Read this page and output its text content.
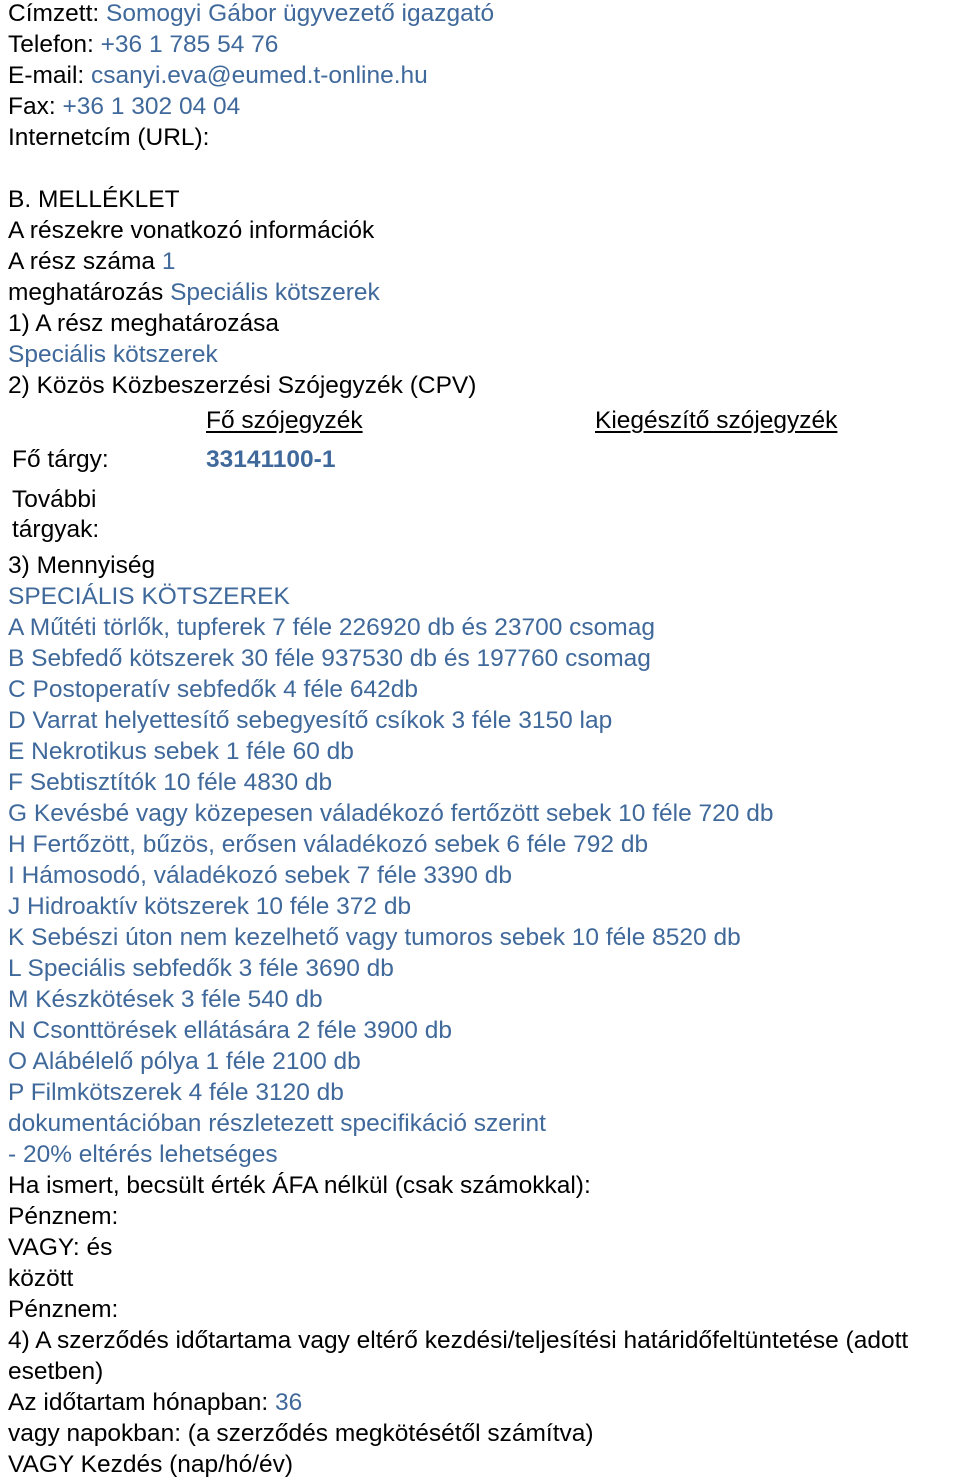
Címzett: Somogyi Gábor ügyvezető igazgató
Telefon: +36 1 785 54 76
E-mail: csanyi.eva@eumed.t-online.hu
Fax: +36 1 302 04 04
Internetcím (URL):
B. MELLÉKLET
A részekre vonatkozó információk
A rész száma 1
meghatározás Speciális kötszerek
1) A rész meghatározása
Speciális kötszerek
2) Közös Közbeszerzési Szójegyzék (CPV)
Fő szójegyzék	Kiegészítő szójegyzék
Fő tárgy:	33141100-1
További
tárgyak:
3) Mennyiség
SPECIÁLIS KÖTSZEREK
A Műtéti törlők, tupferek 7 féle 226920 db és 23700 csomag
B Sebfedő kötszerek 30 féle 937530 db és 197760 csomag
C Postoperatív sebfedők 4 féle 642db
D Varrat helyettesítő sebegyesítő csíkok 3 féle 3150 lap
E Nekrotikus sebek 1 féle 60 db
F Sebtisztítók 10 féle 4830 db
G Kevésbé vagy közepesen váladékozó fertőzött sebek 10 féle 720 db
H Fertőzött, bűzös, erősen váladékozó sebek 6 féle 792 db
I Hámosodó, váladékozó sebek 7 féle 3390 db
J Hidroaktív kötszerek 10 féle 372 db
K Sebészi úton nem kezelhető vagy tumoros sebek 10 féle 8520 db
L Speciális sebfedők 3 féle 3690 db
M Készkötések 3 féle 540 db
N Csonttörések ellátására 2 féle 3900 db
O Alábélelő pólya 1 féle 2100 db
P Filmkötszerek 4 féle 3120 db
dokumentációban részletezett specifikáció szerint
- 20% eltérés lehetséges
Ha ismert, becsült érték ÁFA nélkül (csak számokkal):
Pénznem:
VAGY: és
között
Pénznem:
4) A szerződés időtartama vagy eltérő kezdési/teljesítési határidőfeltüntetése (adott
esetben)
Az időtartam hónapban: 36
vagy napokban: (a szerződés megkötésétől számítva)
VAGY Kezdés (nap/hó/év)
